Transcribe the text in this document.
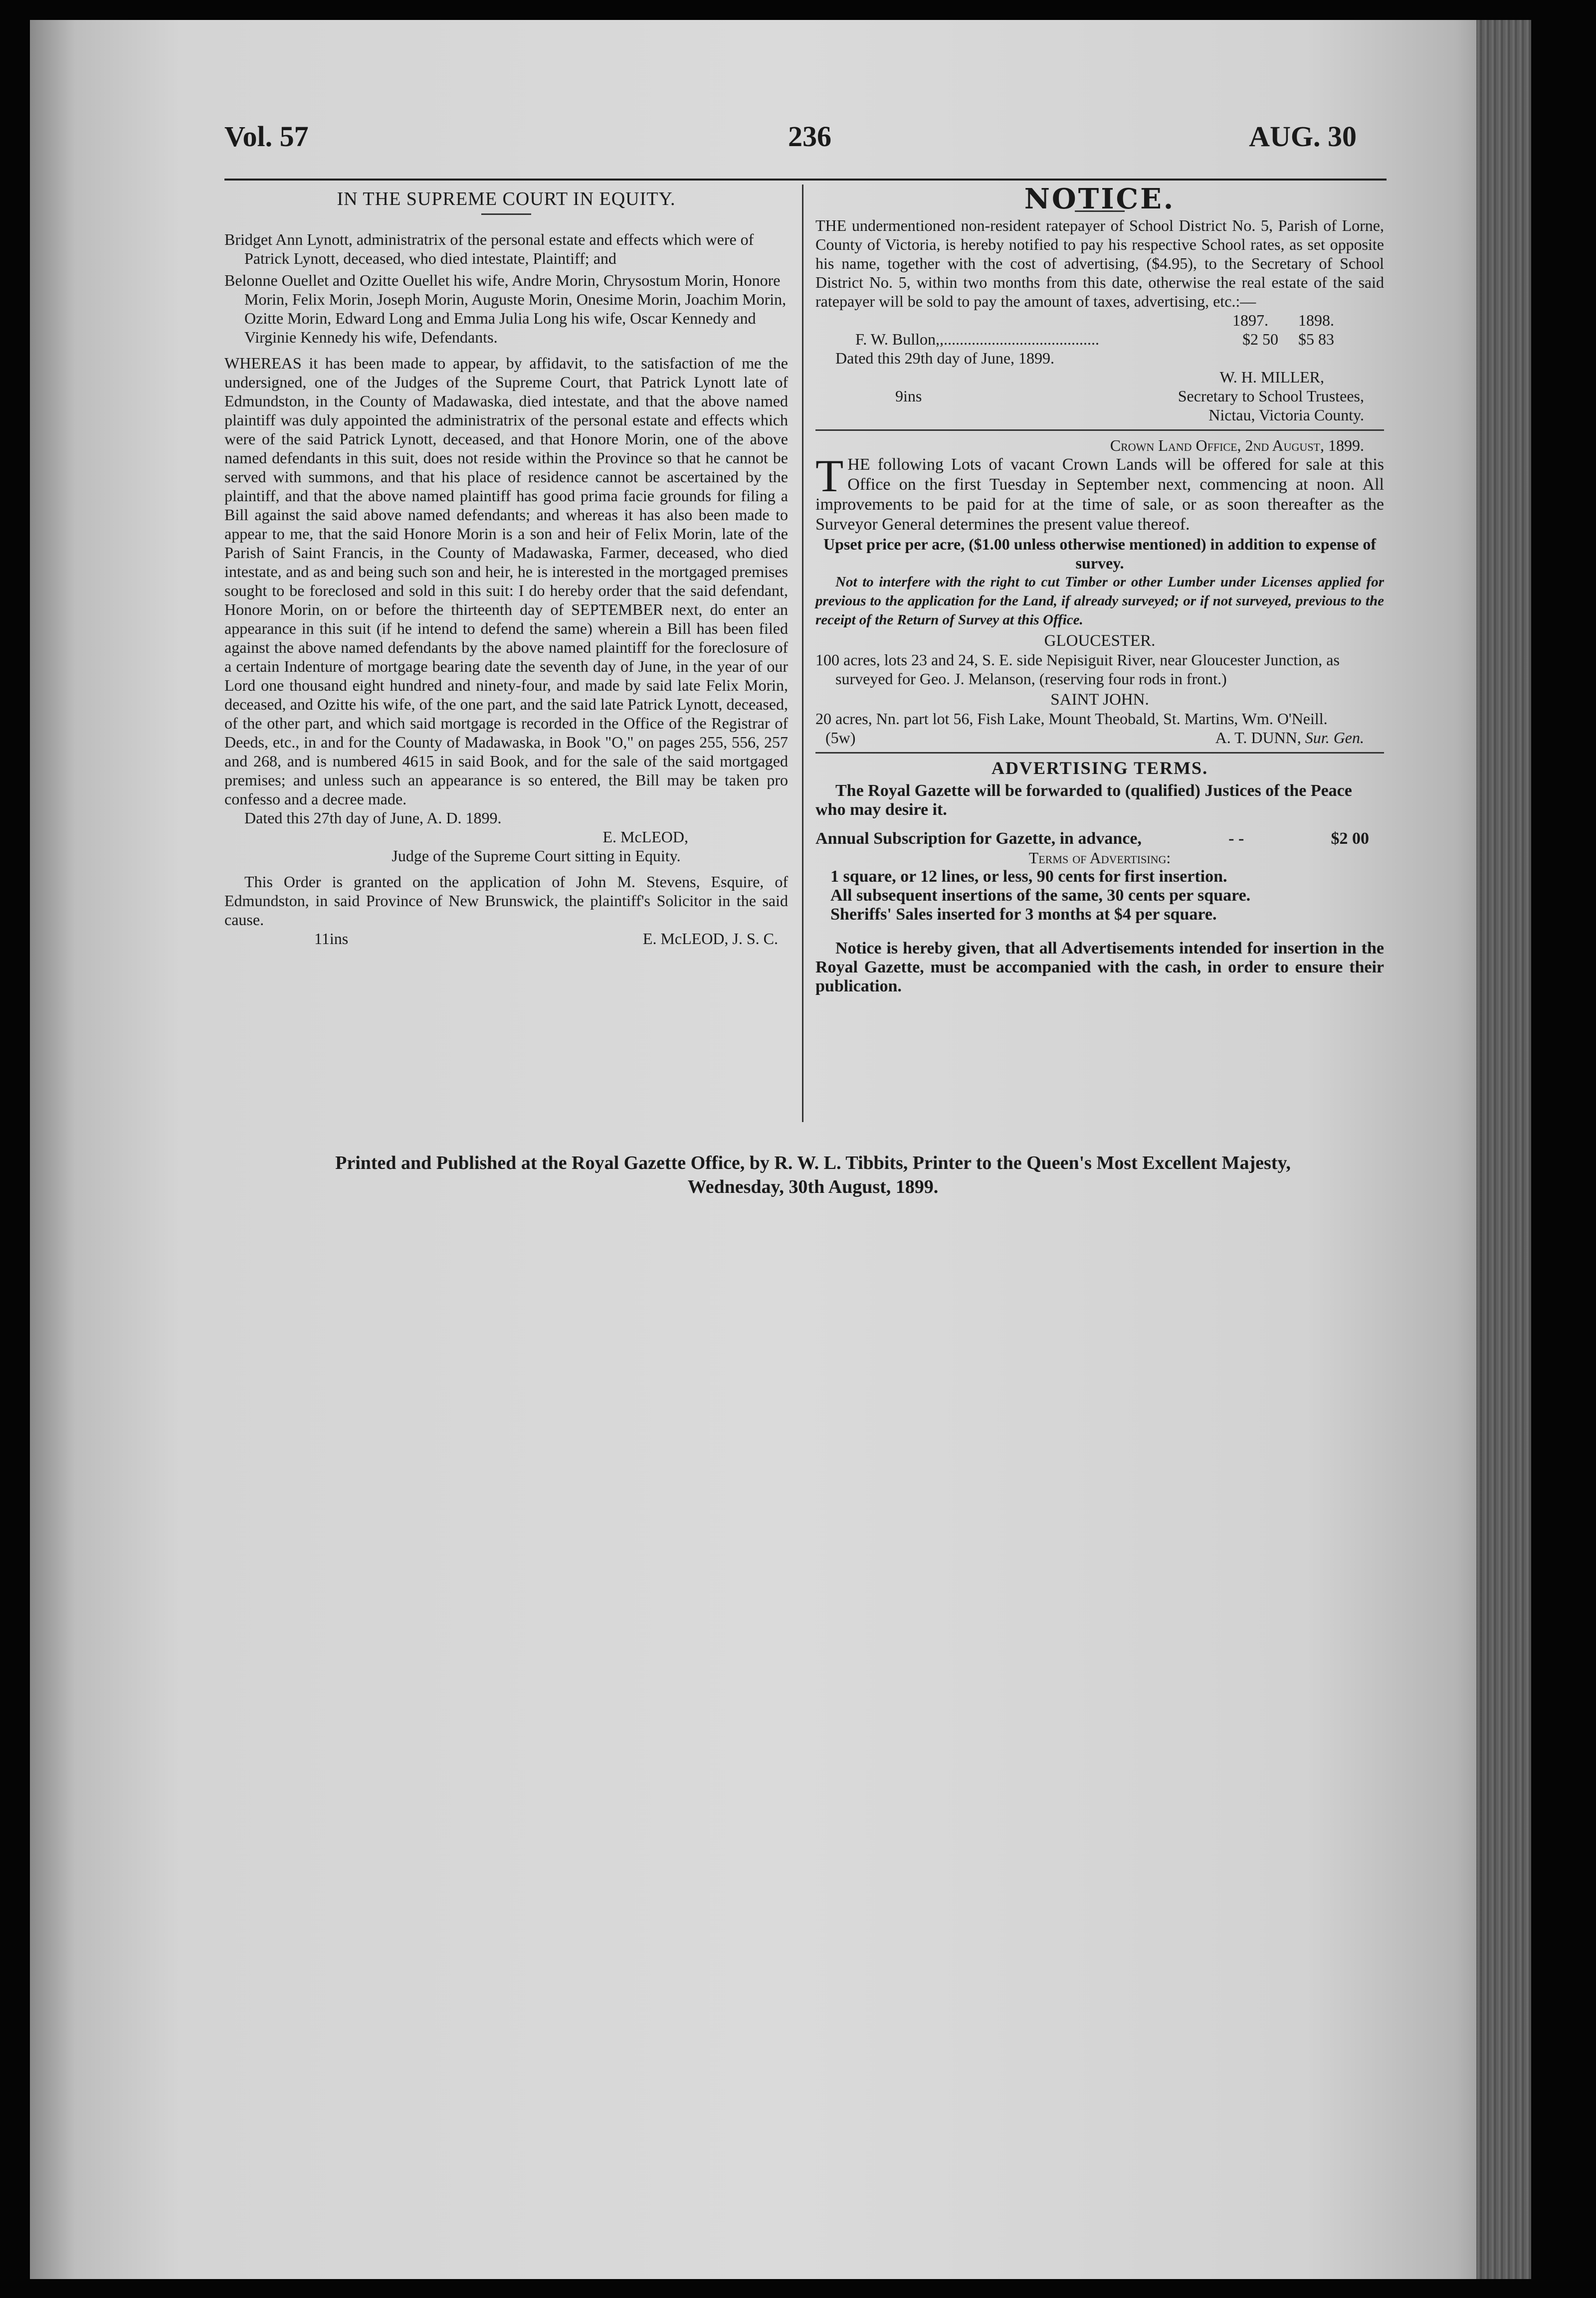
Vol. 57	236	AUG. 30

IN THE SUPREME COURT IN EQUITY.

Bridget Ann Lynott, administratrix of the personal estate and effects which were of Patrick Lynott, deceased, who died intestate, Plaintiff; and

Belonne Ouellet and Ozitte Ouellet his wife, Andre Morin, Chrysostum Morin, Honore Morin, Felix Morin, Joseph Morin, Auguste Morin, Onesime Morin, Joachim Morin, Ozitte Morin, Edward Long and Emma Julia Long his wife, Oscar Kennedy and Virginie Kennedy his wife, Defendants.

WHEREAS it has been made to appear, by affidavit, to the satisfaction of me the undersigned, one of the Judges of the Supreme Court, that Patrick Lynott late of Edmundston, in the County of Madawaska, died intestate, and that the above named plaintiff was duly appointed the administratrix of the personal estate and effects which were of the said Patrick Lynott, deceased, and that Honore Morin, one of the above named defendants in this suit, does not reside within the Province so that he cannot be served with summons, and that his place of residence cannot be ascertained by the plaintiff, and that the above named plaintiff has good prima facie grounds for filing a Bill against the said above named defendants; and whereas it has also been made to appear to me, that the said Honore Morin is a son and heir of Felix Morin, late of the Parish of Saint Francis, in the County of Madawaska, Farmer, deceased, who died intestate, and as and being such son and heir, he is interested in the mortgaged premises sought to be foreclosed and sold in this suit: I do hereby order that the said defendant, Honore Morin, on or before the thirteenth day of SEPTEMBER next, do enter an appearance in this suit (if he intend to defend the same) wherein a Bill has been filed against the above named defendants by the above named plaintiff for the foreclosure of a certain Indenture of mortgage bearing date the seventh day of June, in the year of our Lord one thousand eight hundred and ninety-four, and made by said late Felix Morin, deceased, and Ozitte his wife, of the one part, and the said late Patrick Lynott, deceased, of the other part, and which said mortgage is recorded in the Office of the Registrar of Deeds, etc., in and for the County of Madawaska, in Book "O," on pages 255, 556, 257 and 268, and is numbered 4615 in said Book, and for the sale of the said mortgaged premises; and unless such an appearance is so entered, the Bill may be taken pro confesso and a decree made.

Dated this 27th day of June, A. D. 1899.

E. McLEOD,

Judge of the Supreme Court sitting in Equity.

This Order is granted on the application of John M. Stevens, Esquire, of Edmundston, in said Province of New Brunswick, the plaintiff's Solicitor in the said cause.

11ins	E. McLEOD, J. S. C.

NOTICE.

THE undermentioned non-resident ratepayer of School District No. 5, Parish of Lorne, County of Victoria, is hereby notified to pay his respective School rates, as set opposite his name, together with the cost of advertising, ($4.95), to the Secretary of School District No. 5, within two months from this date, otherwise the real estate of the said ratepayer will be sold to pay the amount of taxes, advertising, etc.:—

1897. 1898.
F. W. Bullon,,.......................................	$2 50 $5 83

Dated this 29th day of June, 1899.

W. H. MILLER,

9ins	Secretary to School Trustees,

Nictau, Victoria County.

Crown Land Office, 2nd August, 1899.

THE following Lots of vacant Crown Lands will be offered for sale at this Office on the first Tuesday in September next, commencing at noon. All improvements to be paid for at the time of sale, or as soon thereafter as the Surveyor General determines the present value thereof.

Upset price per acre, ($1.00 unless otherwise mentioned) in addition to expense of survey.

Not to interfere with the right to cut Timber or other Lumber under Licenses applied for previous to the application for the Land, if already surveyed; or if not surveyed, previous to the receipt of the Return of Survey at this Office.

GLOUCESTER.

100 acres, lots 23 and 24, S. E. side Nepisiguit River, near Gloucester Junction, as surveyed for Geo. J. Melanson, (reserving four rods in front.)

SAINT JOHN.

20 acres, Nn. part lot 56, Fish Lake, Mount Theobald, St. Martins, Wm. O'Neill.

(5w)	A. T. DUNN, Sur. Gen.

ADVERTISING TERMS.

The Royal Gazette will be forwarded to (qualified) Justices of the Peace who may desire it.

Annual Subscription for Gazette, in advance,	- -	$2 00

Terms of Advertising:

1 square, or 12 lines, or less, 90 cents for first insertion.

All subsequent insertions of the same, 30 cents per square.

Sheriffs' Sales inserted for 3 months at $4 per square.

Notice is hereby given, that all Advertisements intended for insertion in the Royal Gazette, must be accompanied with the cash, in order to ensure their publication.

Printed and Published at the Royal Gazette Office, by R. W. L. Tibbits, Printer to the Queen's Most Excellent Majesty,
Wednesday, 30th August, 1899.
